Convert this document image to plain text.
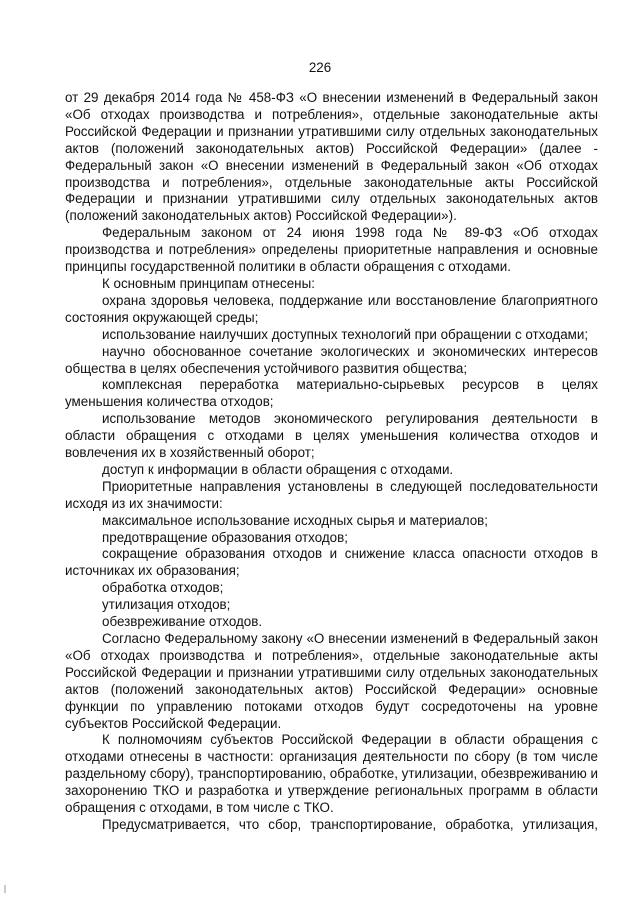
226

от 29 декабря 2014 года № 458-ФЗ «О внесении изменений в Федеральный закон «Об отходах производства и потребления», отдельные законодательные акты Российской Федерации и признании утратившими силу отдельных законодательных актов (положений законодательных актов) Российской Федерации» (далее - Федеральный закон «О внесении изменений в Федеральный закон «Об отходах производства и потребления», отдельные законодательные акты Российской Федерации и признании утратившими силу отдельных законодательных актов (положений законодательных актов) Российской Федерации»).

Федеральным законом от 24 июня 1998 года № 89-ФЗ «Об отходах производства и потребления» определены приоритетные направления и основные принципы государственной политики в области обращения с отходами.

К основным принципам отнесены:

охрана здоровья человека, поддержание или восстановление благоприятного состояния окружающей среды;

использование наилучших доступных технологий при обращении с отходами;

научно обоснованное сочетание экологических и экономических интересов общества в целях обеспечения устойчивого развития общества;

комплексная переработка материально-сырьевых ресурсов в целях уменьшения количества отходов;

использование методов экономического регулирования деятельности в области обращения с отходами в целях уменьшения количества отходов и вовлечения их в хозяйственный оборот;

доступ к информации в области обращения с отходами.

Приоритетные направления установлены в следующей последовательности исходя из их значимости:

максимальное использование исходных сырья и материалов;

предотвращение образования отходов;

сокращение образования отходов и снижение класса опасности отходов в источниках их образования;

обработка отходов;

утилизация отходов;

обезвреживание отходов.

Согласно Федеральному закону «О внесении изменений в Федеральный закон «Об отходах производства и потребления», отдельные законодательные акты Российской Федерации и признании утратившими силу отдельных законодательных актов (положений законодательных актов) Российской Федерации» основные функции по управлению потоками отходов будут сосредоточены на уровне субъектов Российской Федерации.

К полномочиям субъектов Российской Федерации в области обращения с отходами отнесены в частности: организация деятельности по сбору (в том числе раздельному сбору), транспортированию, обработке, утилизации, обезвреживанию и захоронению ТКО и разработка и утверждение региональных программ в области обращения с отходами, в том числе с ТКО.

Предусматривается, что сбор, транспортирование, обработка, утилизация,
